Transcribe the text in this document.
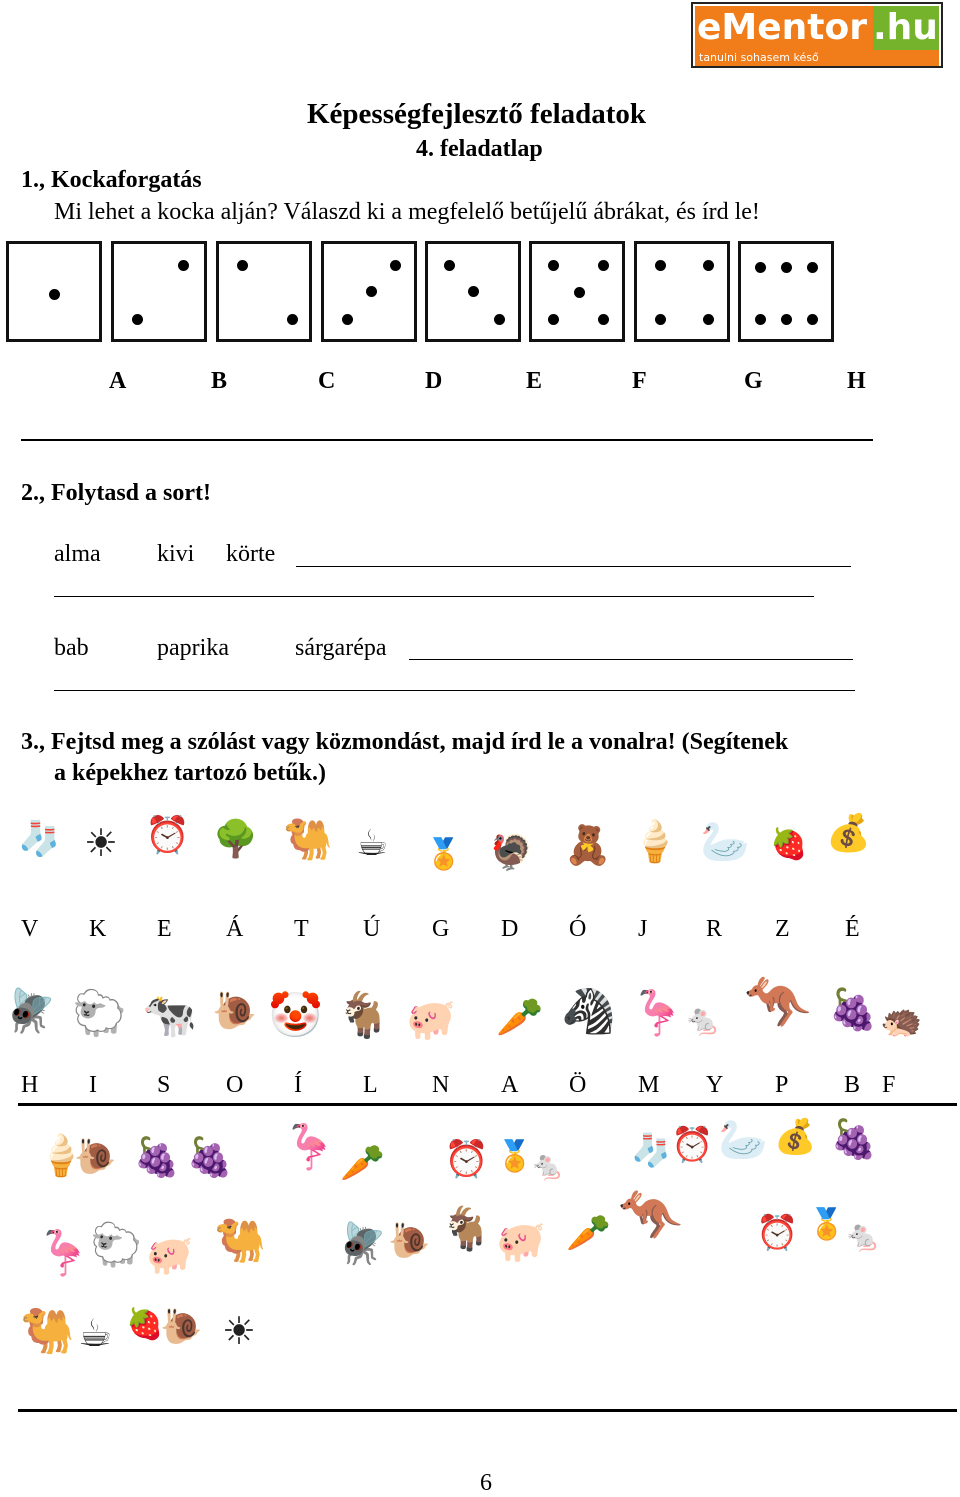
eMentor .hu
tanulni sohasem késő
Képességfejlesztő feladatok
4. feladatlap
1., Kockaforgatás
Mi lehet a kocka alján? Válaszd ki a megfelelő betűjelű ábrákat, és írd le!
A	B	C	D	E	F	G	H
2., Folytasd a sort!
alma kivi körte
bab	paprika	sárgarépa
3., Fejtsd meg a szólást vagy közmondást, majd írd le a vonalra! (Segítenek
a képekhez tartozó betűk.)
🧦 ☀ ⏰ 🌳 🐫 ☕ 🏅 🦃 🧸 🍦 🦢 🍓 💰
V K E Á T Ú G D Ó J R Z É
🪰 🐑 🐄 🐌 🤡 🐐 🐖 🥕 🦓 🦩 🐁 🦘 🍇 🦔
H I	S O Í	L N A Ö M Y P B F
🍦
🐌 🍇 🍇 🦩 🥕 ⏰ 🏅
🐁 🧦 ⏰ 🦢 💰 🍇
🦩 🐑 🐖 🐫 🪰 🐌 🐐 🐖 🥕 🦘 ⏰ 🏅
🐁
🐫 ☕ 🍓
🐌 ☀
6
